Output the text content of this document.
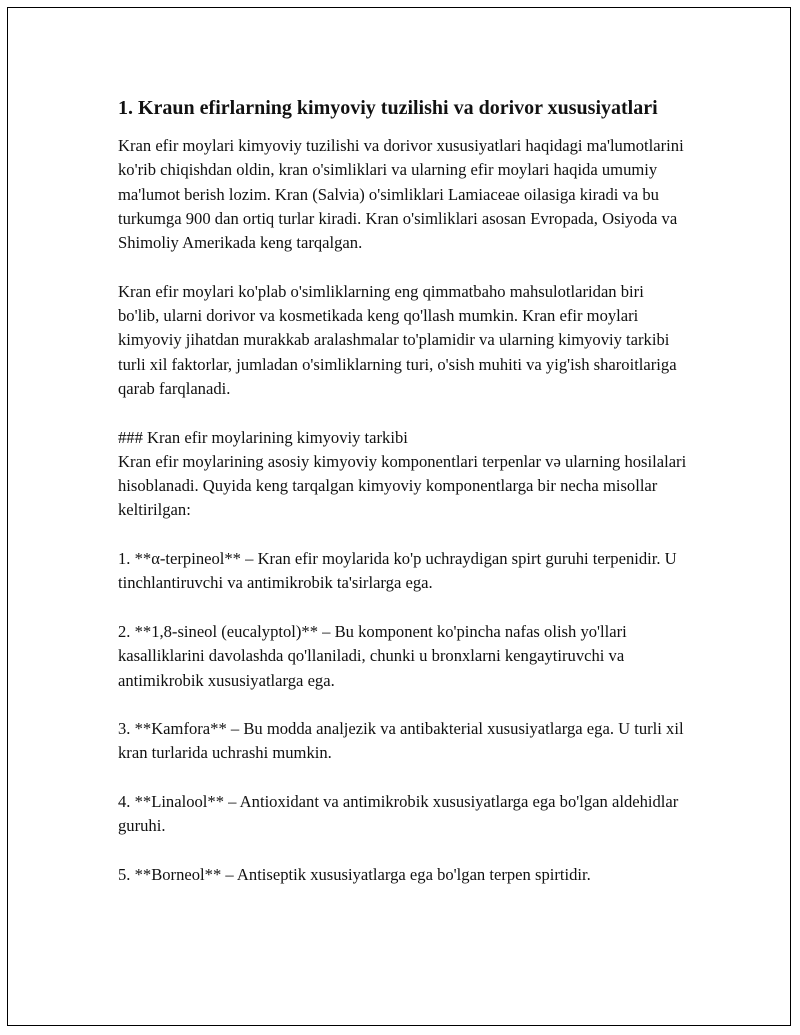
1. Kraun efirlarning kimyoviy tuzilishi va dorivor xususiyatlari

Kran efir moylari kimyoviy tuzilishi va dorivor xususiyatlari haqidagi ma'lumotlarini ko'rib chiqishdan oldin, kran o'simliklari va ularning efir moylari haqida umumiy ma'lumot berish lozim. Kran (Salvia) o'simliklari Lamiaceae oilasiga kiradi va bu turkumga 900 dan ortiq turlar kiradi. Kran o'simliklari asosan Evropada, Osiyoda va Shimoliy Amerikada keng tarqalgan.

Kran efir moylari ko'plab o'simliklarning eng qimmatbaho mahsulotlaridan biri bo'lib, ularni dorivor va kosmetikada keng qo'llash mumkin. Kran efir moylari kimyoviy jihatdan murakkab aralashmalar to'plamidir va ularning kimyoviy tarkibi turli xil faktorlar, jumladan o'simliklarning turi, o'sish muhiti va yig'ish sharoitlariga qarab farqlanadi.

### Kran efir moylarining kimyoviy tarkibi

Kran efir moylarining asosiy kimyoviy komponentlari terpenlar və ularning hosilalari hisoblanadi. Quyida keng tarqalgan kimyoviy komponentlarga bir necha misollar keltirilgan:

1. **α-terpineol** – Kran efir moylarida ko'p uchraydigan spirt guruhi terpenidir. U tinchlantiruvchi va antimikrobik ta'sirlarga ega.

2. **1,8-sineol (eucalyptol)** – Bu komponent ko'pincha nafas olish yo'llari kasalliklarini davolashda qo'llaniladi, chunki u bronxlarni kengaytiruvchi va antimikrobik xususiyatlarga ega.

3. **Kamfora** – Bu modda analjezik va antibakterial xususiyatlarga ega. U turli xil kran turlarida uchrashi mumkin.

4. **Linalool** – Antioxidant va antimikrobik xususiyatlarga ega bo'lgan aldehidlar guruhi.

5. **Borneol** – Antiseptik xususiyatlarga ega bo'lgan terpen spirtidir.
